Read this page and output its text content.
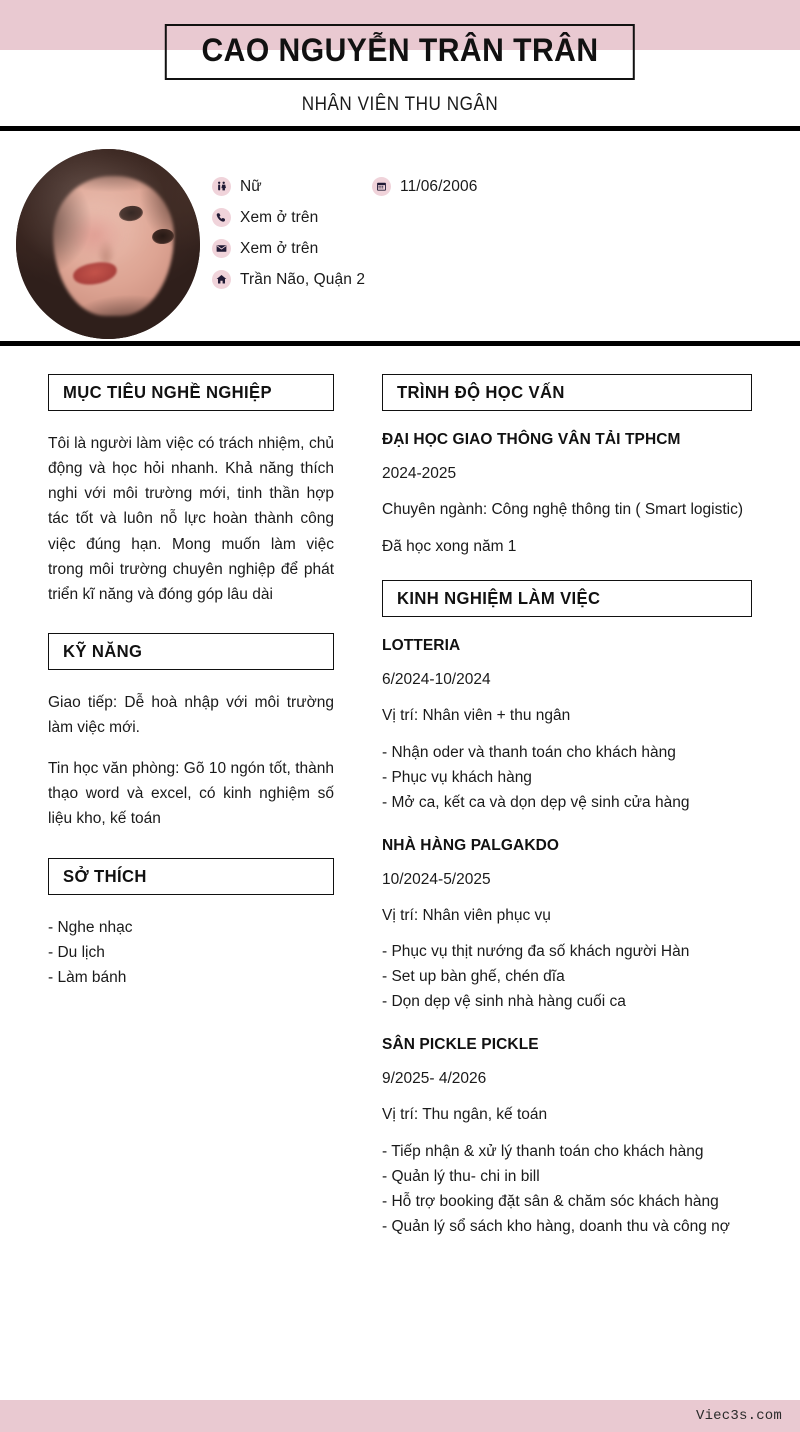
CAO NGUYỄN TRÂN TRÂN
NHÂN VIÊN THU NGÂN
Nữ	11/06/2006
Xem ở trên
Xem ở trên
Trần Não, Quận 2
MỤC TIÊU NGHỀ NGHIỆP

Tôi là người làm việc có trách nhiệm, chủ động và học hỏi nhanh. Khả năng thích nghi với môi trường mới, tinh thần hợp tác tốt và luôn nỗ lực hoàn thành công việc đúng hạn. Mong muốn làm việc trong môi trường chuyên nghiệp để phát triển kĩ năng và đóng góp lâu dài

KỸ NĂNG

Giao tiếp: Dễ hoà nhập với môi trường làm việc mới.

Tin học văn phòng: Gõ 10 ngón tốt, thành thạo word và excel, có kinh nghiệm số liệu kho, kế toán

SỞ THÍCH
- Nghe nhạc
- Du lịch
- Làm bánh
TRÌNH ĐỘ HỌC VẤN
ĐẠI HỌC GIAO THÔNG VÂN TẢI TPHCM
2024-2025
Chuyên ngành: Công nghệ thông tin ( Smart logistic)
Đã học xong năm 1
KINH NGHIỆM LÀM VIỆC
LOTTERIA
6/2024-10/2024
Vị trí: Nhân viên + thu ngân
- Nhận oder và thanh toán cho khách hàng
- Phục vụ khách hàng
- Mở ca, kết ca và dọn dẹp vệ sinh cửa hàng
NHÀ HÀNG PALGAKDO
10/2024-5/2025
Vị trí: Nhân viên phục vụ
- Phục vụ thịt nướng đa số khách người Hàn
- Set up bàn ghế, chén dĩa
- Dọn dẹp vệ sinh nhà hàng cuối ca
SÂN PICKLE PICKLE
9/2025- 4/2026
Vị trí: Thu ngân, kế toán
- Tiếp nhận & xử lý thanh toán cho khách hàng
- Quản lý thu- chi in bill
- Hỗ trợ booking đặt sân & chăm sóc khách hàng
- Quản lý sổ sách kho hàng, doanh thu và công nợ
Viec3s.com
